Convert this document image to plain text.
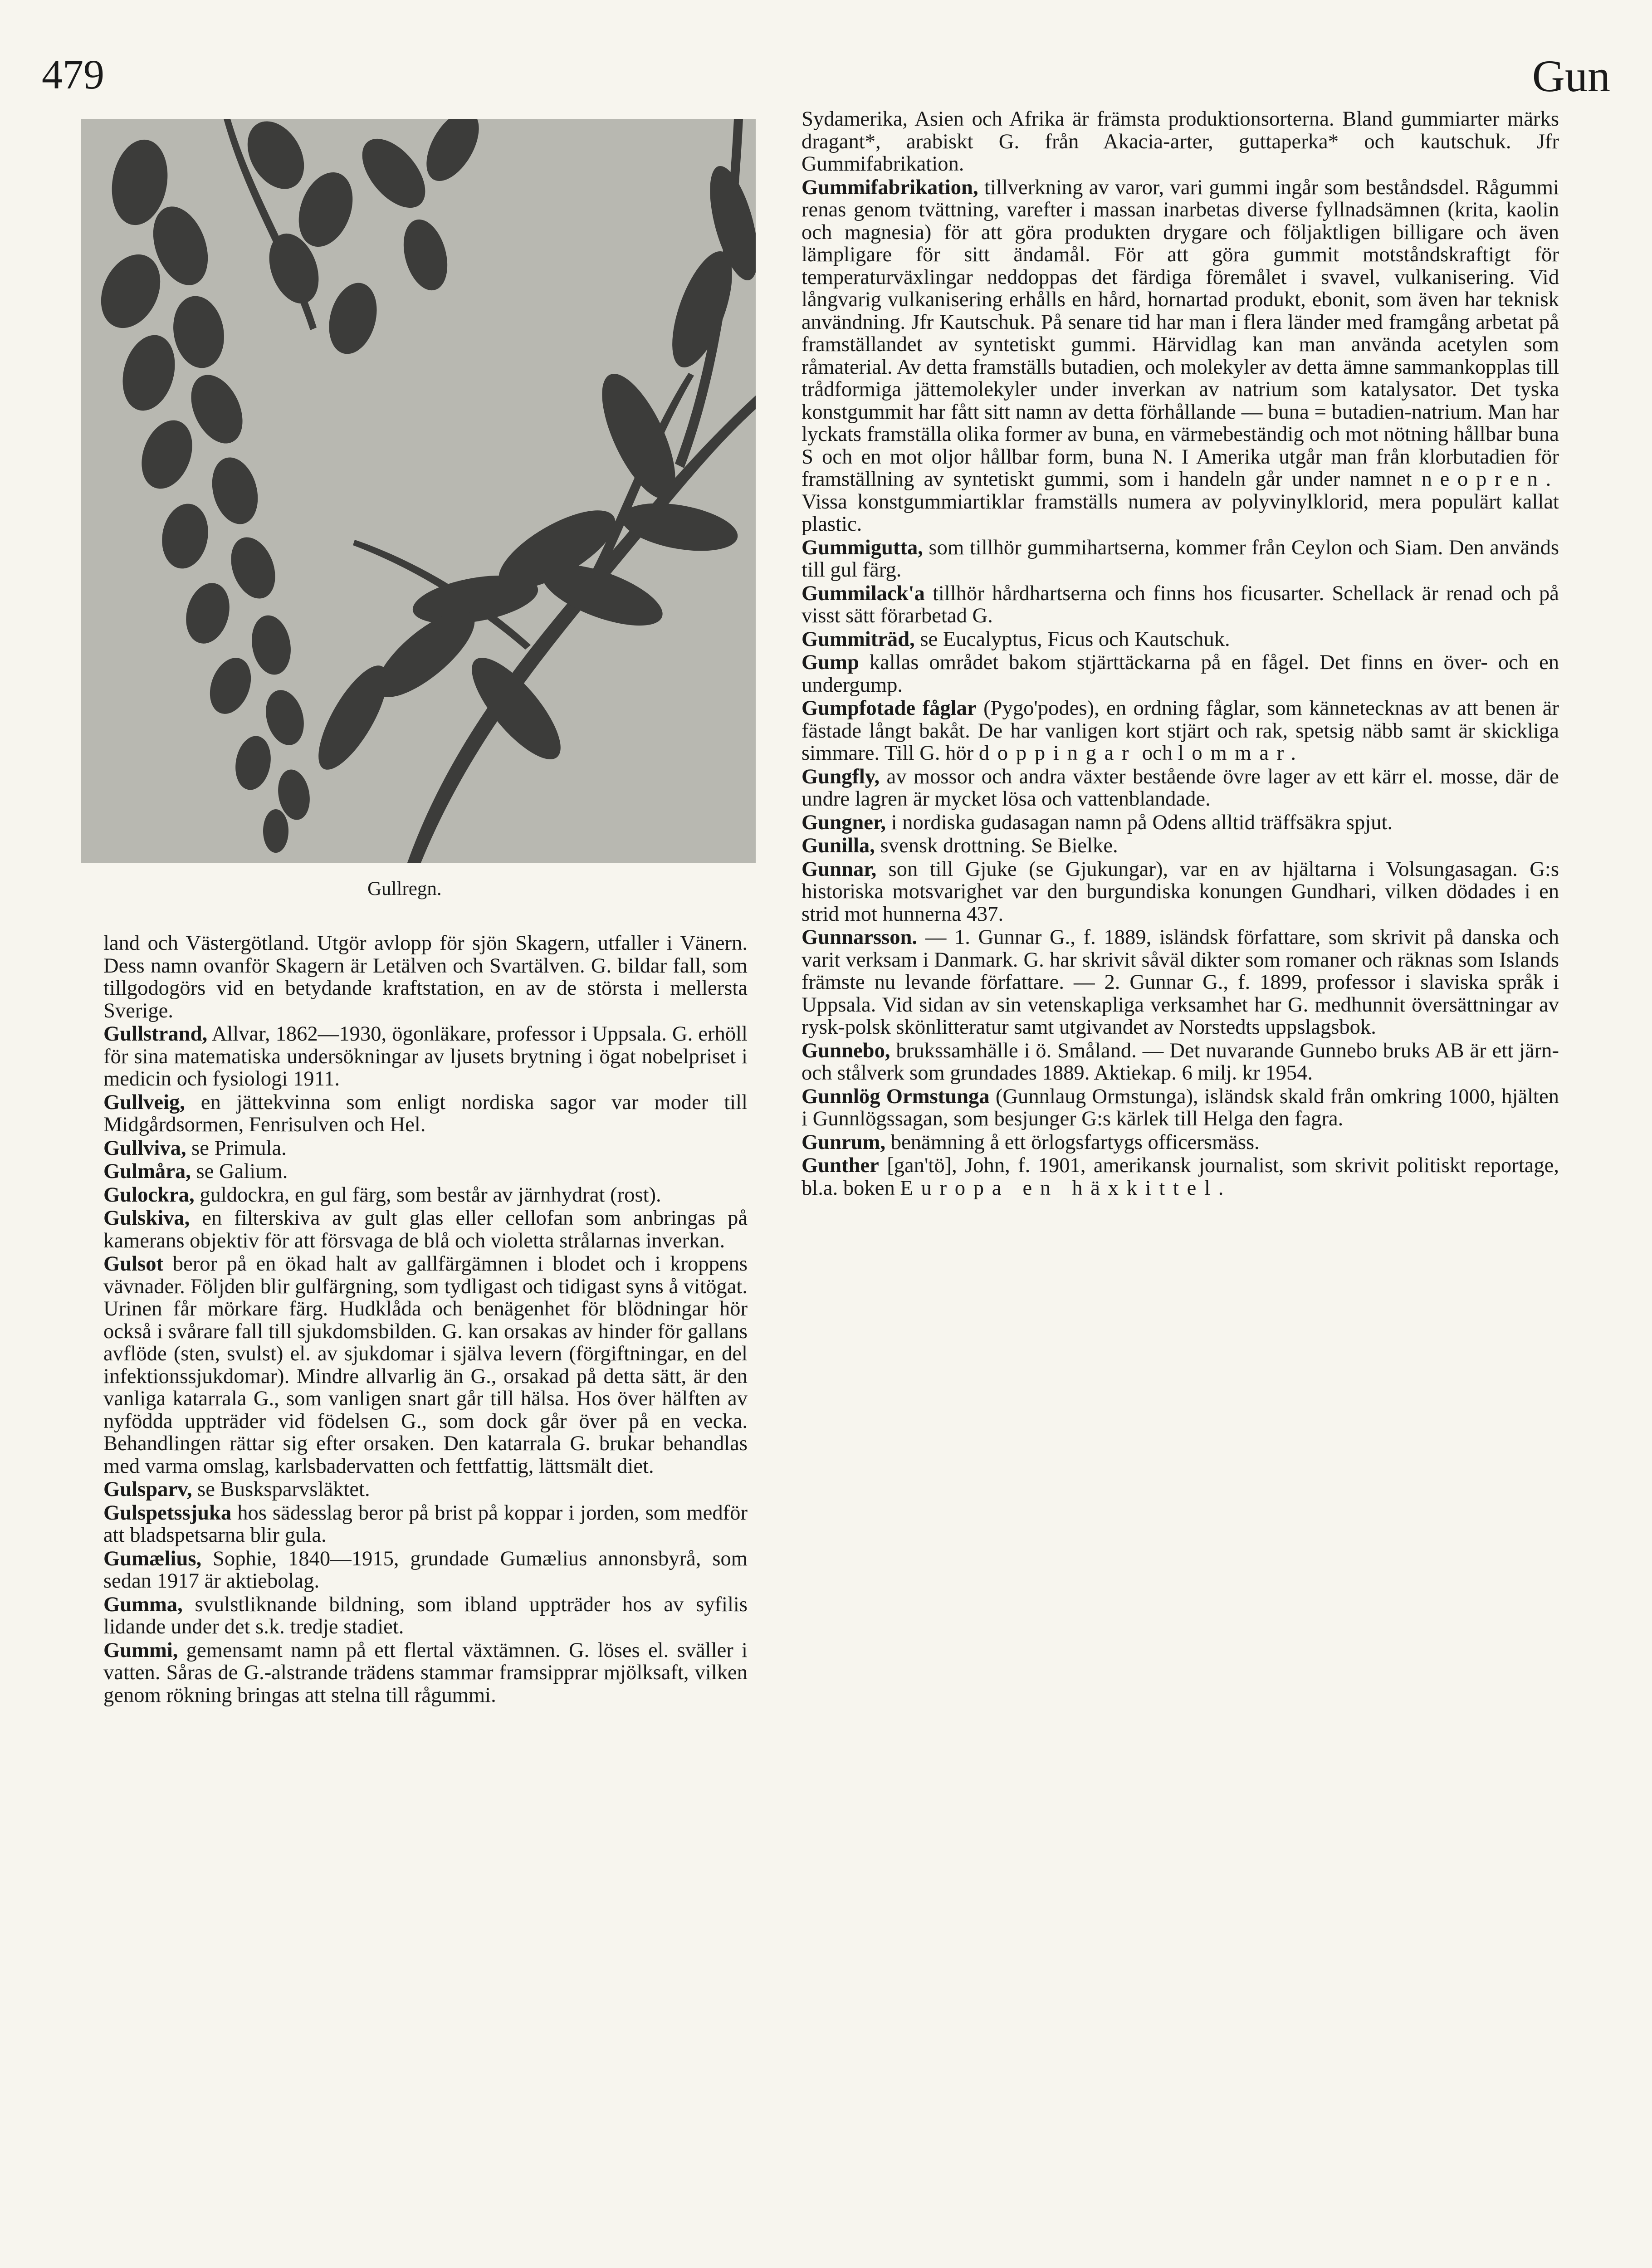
479	Gun
Gullregn.

land och Västergötland. Utgör avlopp för sjön Skagern, utfaller i Vänern. Dess namn ovanför Skagern är Letälven och Svartälven. G. bildar fall, som tillgodogörs vid en betydande kraftstation, en av de största i mellersta Sverige.

Gullstrand, Allvar, 1862—1930, ögonläkare, professor i Uppsala. G. erhöll för sina matematiska undersökningar av ljusets brytning i ögat nobelpriset i medicin och fysiologi 1911.

Gullveig, en jättekvinna som enligt nordiska sagor var moder till Midgårdsormen, Fenrisulven och Hel.

Gullviva, se Primula.

Gulmåra, se Galium.

Gulockra, guldockra, en gul färg, som består av järnhydrat (rost).

Gulskiva, en filterskiva av gult glas eller cellofan som anbringas på kamerans objektiv för att försvaga de blå och violetta strålarnas inverkan.

Gulsot beror på en ökad halt av gallfärgämnen i blodet och i kroppens vävnader. Följden blir gulfärgning, som tydligast och tidigast syns å vitögat. Urinen får mörkare färg. Hudklåda och benägenhet för blödningar hör också i svårare fall till sjukdomsbilden. G. kan orsakas av hinder för gallans avflöde (sten, svulst) el. av sjukdomar i själva levern (förgiftningar, en del infektionssjukdomar). Mindre allvarlig än G., orsakad på detta sätt, är den vanliga katarrala G., som vanligen snart går till hälsa. Hos över hälften av nyfödda uppträder vid födelsen G., som dock går över på en vecka. Behandlingen rättar sig efter orsaken. Den katarrala G. brukar behandlas med varma omslag, karlsbadervatten och fettfattig, lättsmält diet.

Gulsparv, se Busksparvsläktet.

Gulspetssjuka hos sädesslag beror på brist på koppar i jorden, som medför att bladspetsarna blir gula.

Gumælius, Sophie, 1840—1915, grundade Gumælius annonsbyrå, som sedan 1917 är aktiebolag.

Gumma, svulstliknande bildning, som ibland uppträder hos av syfilis lidande under det s.k. tredje stadiet.

Gummi, gemensamt namn på ett flertal växtämnen. G. löses el. sväller i vatten. Såras de G.-alstrande trädens stammar framsipprar mjölksaft, vilken genom rökning bringas att stelna till rågummi.

Sydamerika, Asien och Afrika är främsta produktionsorterna. Bland gummiarter märks dragant*, arabiskt G. från Akacia-arter, guttaperka* och kautschuk. Jfr Gummifabrikation.

Gummifabrikation, tillverkning av varor, vari gummi ingår som beståndsdel. Rågummi renas genom tvättning, varefter i massan inarbetas diverse fyllnadsämnen (krita, kaolin och magnesia) för att göra produkten drygare och följaktligen billigare och även lämpligare för sitt ändamål. För att göra gummit motståndskraftigt för temperaturväxlingar neddoppas det färdiga föremålet i svavel, vulkanisering. Vid långvarig vulkanisering erhålls en hård, hornartad produkt, ebonit, som även har teknisk användning. Jfr Kautschuk. På senare tid har man i flera länder med framgång arbetat på framställandet av syntetiskt gummi. Härvidlag kan man använda acetylen som råmaterial. Av detta framställs butadien, och molekyler av detta ämne sammankopplas till trådformiga jättemolekyler under inverkan av natrium som katalysator. Det tyska konstgummit har fått sitt namn av detta förhållande — buna = butadien-natrium. Man har lyckats framställa olika former av buna, en värmebeständig och mot nötning hållbar buna S och en mot oljor hållbar form, buna N. I Amerika utgår man från klorbutadien för framställning av syntetiskt gummi, som i handeln går under namnet neopren. Vissa konstgummiartiklar framställs numera av polyvinylklorid, mera populärt kallat plastic.

Gummigutta, som tillhör gummihartserna, kommer från Ceylon och Siam. Den används till gul färg.

Gummilack'a tillhör hårdhartserna och finns hos ficusarter. Schellack är renad och på visst sätt förarbetad G.

Gummiträd, se Eucalyptus, Ficus och Kautschuk.

Gump kallas området bakom stjärttäckarna på en fågel. Det finns en över- och en undergump.

Gumpfotade fåglar (Pygo'podes), en ordning fåglar, som kännetecknas av att benen är fästade långt bakåt. De har vanligen kort stjärt och rak, spetsig näbb samt är skickliga simmare. Till G. hör doppingar och lommar.

Gungfly, av mossor och andra växter bestående övre lager av ett kärr el. mosse, där de undre lagren är mycket lösa och vattenblandade.

Gungner, i nordiska gudasagan namn på Odens alltid träffsäkra spjut.

Gunilla, svensk drottning. Se Bielke.

Gunnar, son till Gjuke (se Gjukungar), var en av hjältarna i Volsungasagan. G:s historiska motsvarighet var den burgundiska konungen Gundhari, vilken dödades i en strid mot hunnerna 437.

Gunnarsson. — 1. Gunnar G., f. 1889, isländsk författare, som skrivit på danska och varit verksam i Danmark. G. har skrivit såväl dikter som romaner och räknas som Islands främste nu levande författare. — 2. Gunnar G., f. 1899, professor i slaviska språk i Uppsala. Vid sidan av sin vetenskapliga verksamhet har G. medhunnit översättningar av rysk-polsk skönlitteratur samt utgivandet av Norstedts uppslagsbok.

Gunnebo, brukssamhälle i ö. Småland. — Det nuvarande Gunnebo bruks AB är ett järn- och stålverk som grundades 1889. Aktiekap. 6 milj. kr 1954.

Gunnlög Ormstunga (Gunnlaug Ormstunga), isländsk skald från omkring 1000, hjälten i Gunnlögssagan, som besjunger G:s kärlek till Helga den fagra.

Gunrum, benämning å ett örlogsfartygs officersmäss.

Gunther [gan'tö], John, f. 1901, amerikansk journalist, som skrivit politiskt reportage, bl.a. boken Europa en häxkittel.
